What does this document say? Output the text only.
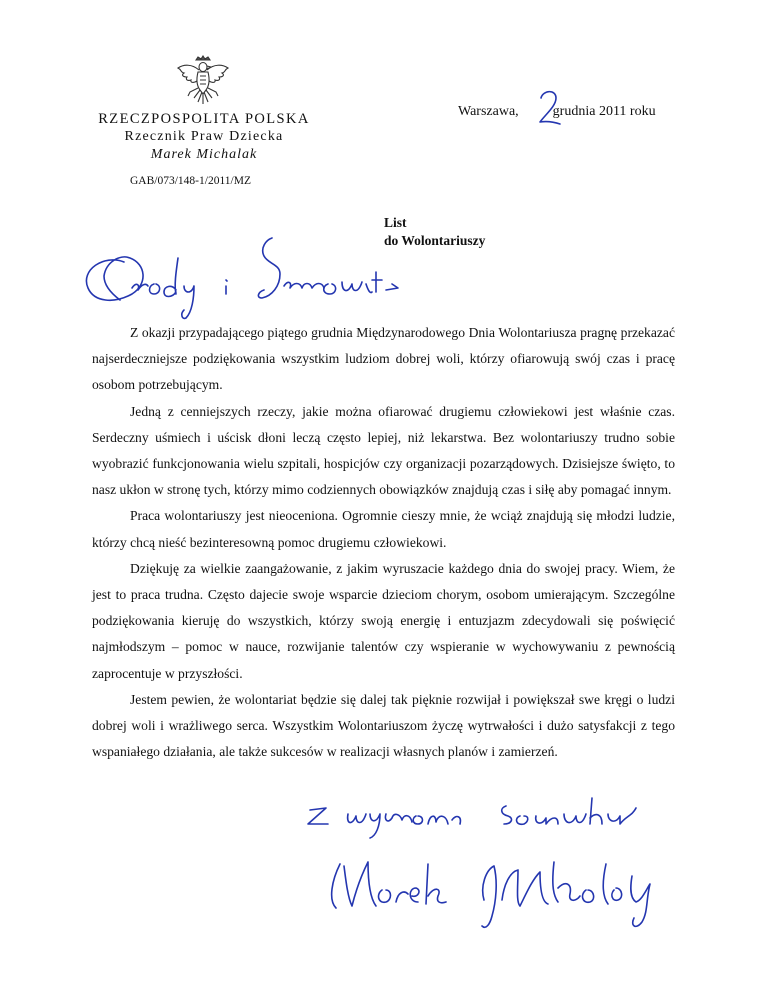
RZECZPOSPOLITA POLSKA
Rzecznik Praw Dziecka
Marek Michalak
Warszawa, grudnia 2011 roku
GAB/073/148-1/2011/MZ
List
do Wolontariuszy

Z okazji przypadającego piątego grudnia Międzynarodowego Dnia Wolontariusza pragnę przekazać najserdeczniejsze podziękowania wszystkim ludziom dobrej woli, którzy ofiarowują swój czas i pracę osobom potrzebującym.

Jedną z cenniejszych rzeczy, jakie można ofiarować drugiemu człowiekowi jest właśnie czas. Serdeczny uśmiech i uścisk dłoni leczą często lepiej, niż lekarstwa. Bez wolontariuszy trudno sobie wyobrazić funkcjonowania wielu szpitali, hospicjów czy organizacji pozarządowych. Dzisiejsze święto, to nasz ukłon w stronę tych, którzy mimo codziennych obowiązków znajdują czas i siłę aby pomagać innym.

Praca wolontariuszy jest nieoceniona. Ogromnie cieszy mnie, że wciąż znajdują się młodzi ludzie, którzy chcą nieść bezinteresowną pomoc drugiemu człowiekowi.

Dziękuję za wielkie zaangażowanie, z jakim wyruszacie każdego dnia do swojej pracy. Wiem, że jest to praca trudna. Często dajecie swoje wsparcie dzieciom chorym, osobom umierającym. Szczególne podziękowania kieruję do wszystkich, którzy swoją energię i entuzjazm zdecydowali się poświęcić najmłodszym – pomoc w nauce, rozwijanie talentów czy wspieranie w wychowywaniu z pewnością zaprocentuje w przyszłości.

Jestem pewien, że wolontariat będzie się dalej tak pięknie rozwijał i powiększał swe kręgi o ludzi dobrej woli i wrażliwego serca. Wszystkim Wolontariuszom życzę wytrwałości i dużo satysfakcji z tego wspaniałego działania, ale także sukcesów w realizacji własnych planów i zamierzeń.
